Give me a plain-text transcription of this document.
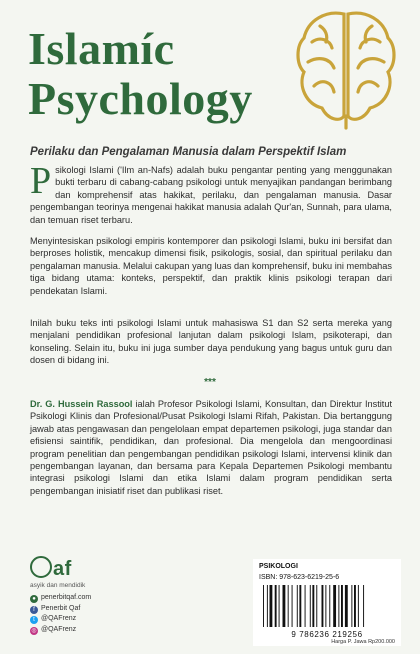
Islamíc
Psychology
Perilaku dan Pengalaman Manusia dalam Perspektif Islam

Psikologi Islami ('Ilm an-Nafs) adalah buku pengantar penting yang menggunakan bukti terbaru di cabang-cabang psikologi untuk menyajikan pandangan berimbang dan komprehensif atas hakikat, perilaku, dan pengalaman manusia. Dasar pengembangan teorinya mengenai hakikat manusia adalah Qur'an, Sunnah, para ulama, dan temuan riset terbaru.

Menyintesiskan psikologi empiris kontemporer dan psikologi Islami, buku ini bersifat dan berproses holistik, mencakup dimensi fisik, psikologis, sosial, dan spiritual perilaku dan pengalaman manusia. Melalui cakupan yang luas dan komprehensif, buku ini membahas tiga bidang utama: konteks, perspektif, dan praktik klinis psikologi terapan dari pendekatan Islami.

Inilah buku teks inti psikologi Islami untuk mahasiswa S1 dan S2 serta mereka yang menjalani pendidikan profesional lanjutan dalam psikologi Islam, psikoterapi, dan konseling. Selain itu, buku ini juga sumber daya pendukung yang bagus untuk guru dan dosen di bidang ini.

***

Dr. G. Hussein Rassool ialah Profesor Psikologi Islami, Konsultan, dan Direktur Institut Psikologi Klinis dan Profesional/Pusat Psikologi Islami Rifah, Pakistan. Dia bertanggung jawab atas pengawasan dan pengelolaan empat departemen psikologi, juga standar dan efisiensi saintifik, pendidikan, dan profesional. Dia mengelola dan mengoordinasi program penelitian dan pengembangan pendidikan psikologi Islami, intervensi klinik dan pengembangan layanan, dan bersama para Kepala Departemen Psikologi membantu integrasi psikologi Islami dan etika Islami dalam program pendidikan serta pengembangan inisiatif riset dan publikasi riset.

af
asyik dan mendidik
● penerbitqaf.com
f Penerbit Qaf
t @QAFrenz
◎ @QAFrenz
PSIKOLOGI
ISBN: 978-623-6219-25-6
9 786236 219256
Harga P. Jawa Rp200.000
